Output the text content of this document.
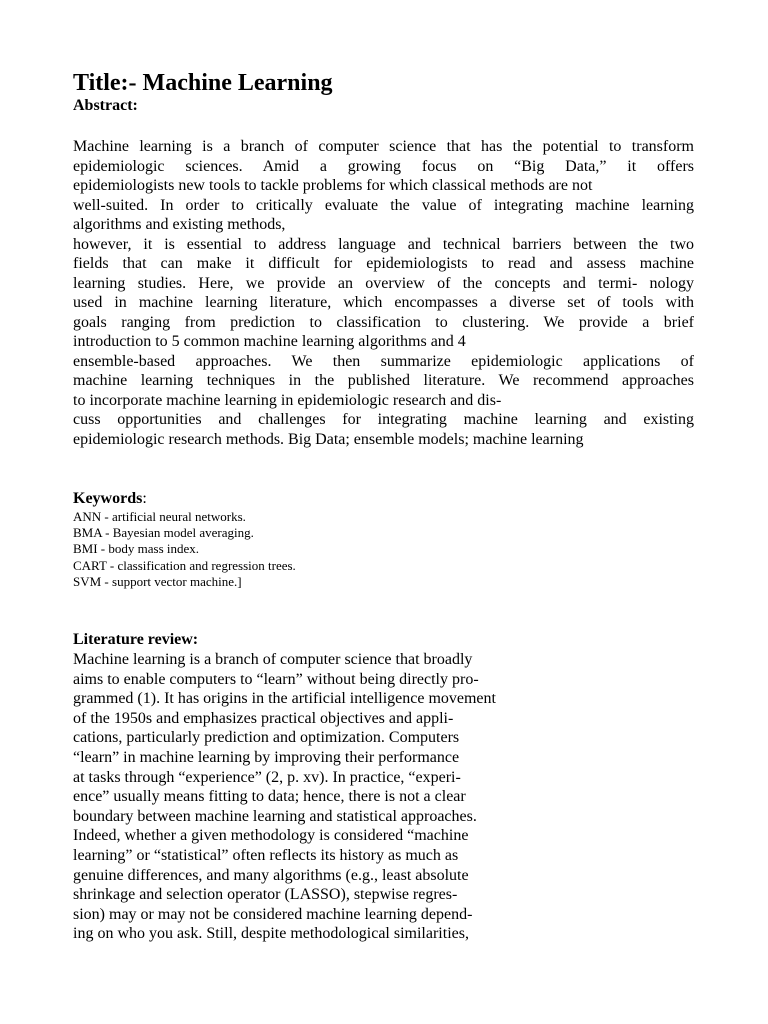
Title:- Machine Learning
Abstract:
Machine learning is a branch of computer science that has the potential to transform
epidemiologic sciences. Amid a growing focus on “Big Data,” it offers
epidemiologists new tools to tackle problems for which classical methods are not
well-suited. In order to critically evaluate the value of integrating machine learning
algorithms and existing methods,
however, it is essential to address language and technical barriers between the two
fields that can make it difficult for epidemiologists to read and assess machine
learning studies. Here, we provide an overview of the concepts and termi- nology
used in machine learning literature, which encompasses a diverse set of tools with
goals ranging from prediction to classification to clustering. We provide a brief
introduction to 5 common machine learning algorithms and 4
ensemble-based approaches. We then summarize epidemiologic applications of
machine learning techniques in the published literature. We recommend approaches
to incorporate machine learning in epidemiologic research and dis-
cuss opportunities and challenges for integrating machine learning and existing
epidemiologic research methods. Big Data; ensemble models; machine learning
Keywords:
ANN - artificial neural networks.
BMA - Bayesian model averaging.
BMI - body mass index.
CART - classification and regression trees.
SVM - support vector machine.]
Literature review:
Machine learning is a branch of computer science that broadly
aims to enable computers to “learn” without being directly pro-
grammed (1). It has origins in the artificial intelligence movement
of the 1950s and emphasizes practical objectives and appli-
cations, particularly prediction and optimization. Computers
“learn” in machine learning by improving their performance
at tasks through “experience” (2, p. xv). In practice, “experi-
ence” usually means fitting to data; hence, there is not a clear
boundary between machine learning and statistical approaches.
Indeed, whether a given methodology is considered “machine
learning” or “statistical” often reflects its history as much as
genuine differences, and many algorithms (e.g., least absolute
shrinkage and selection operator (LASSO), stepwise regres-
sion) may or may not be considered machine learning depend-
ing on who you ask. Still, despite methodological similarities,
